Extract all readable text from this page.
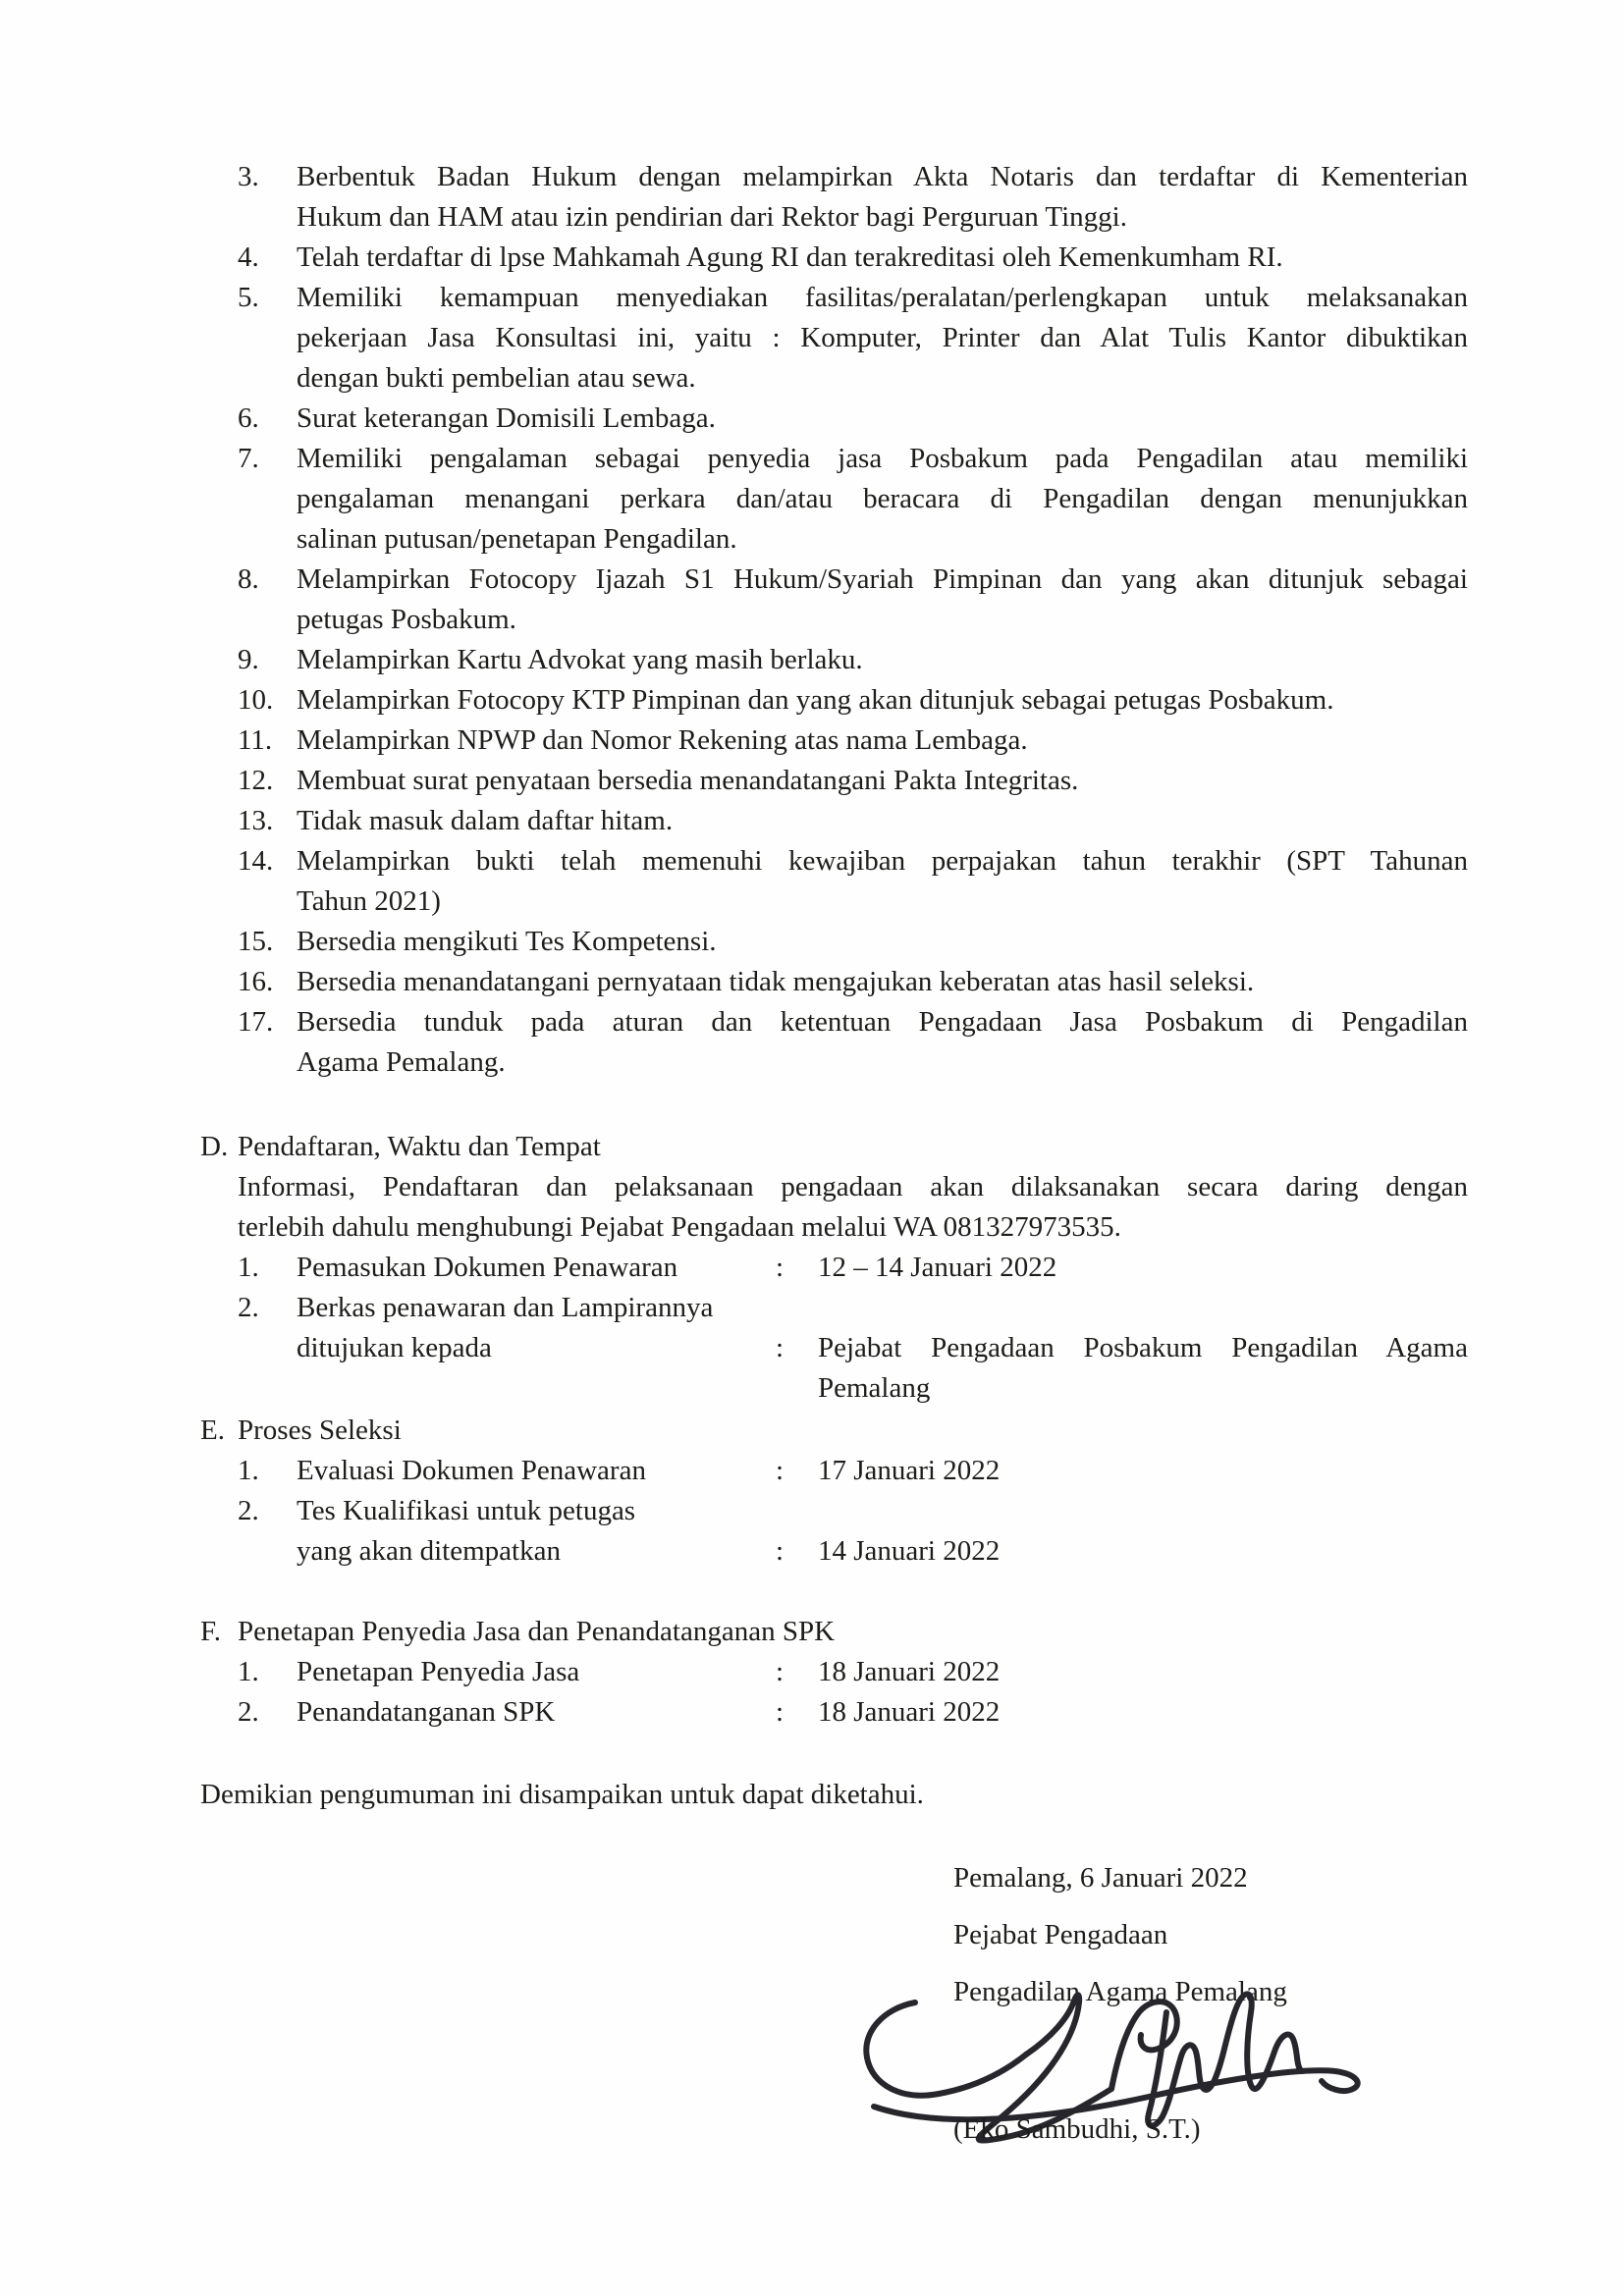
3.	Berbentuk Badan Hukum dengan melampirkan Akta Notaris dan terdaftar di Kementerian
Hukum dan HAM atau izin pendirian dari Rektor bagi Perguruan Tinggi.
4.	Telah terdaftar di lpse Mahkamah Agung RI dan terakreditasi oleh Kemenkumham RI.
5.	Memiliki kemampuan menyediakan fasilitas/peralatan/perlengkapan untuk melaksanakan
pekerjaan Jasa Konsultasi ini, yaitu : Komputer, Printer dan Alat Tulis Kantor dibuktikan
dengan bukti pembelian atau sewa.
6.	Surat keterangan Domisili Lembaga.
7.	Memiliki pengalaman sebagai penyedia jasa Posbakum pada Pengadilan atau memiliki
pengalaman menangani perkara dan/atau beracara di Pengadilan dengan menunjukkan
salinan putusan/penetapan Pengadilan.
8.	Melampirkan Fotocopy Ijazah S1 Hukum/Syariah Pimpinan dan yang akan ditunjuk sebagai
petugas Posbakum.
9.	Melampirkan Kartu Advokat yang masih berlaku.
10. Melampirkan Fotocopy KTP Pimpinan dan yang akan ditunjuk sebagai petugas Posbakum.
11. Melampirkan NPWP dan Nomor Rekening atas nama Lembaga.
12. Membuat surat penyataan bersedia menandatangani Pakta Integritas.
13. Tidak masuk dalam daftar hitam.
14. Melampirkan bukti telah memenuhi kewajiban perpajakan tahun terakhir (SPT Tahunan
Tahun 2021)
15. Bersedia mengikuti Tes Kompetensi.
16. Bersedia menandatangani pernyataan tidak mengajukan keberatan atas hasil seleksi.
17. Bersedia tunduk pada aturan dan ketentuan Pengadaan Jasa Posbakum di Pengadilan
Agama Pemalang.
D. Pendaftaran, Waktu dan Tempat
Informasi, Pendaftaran dan pelaksanaan pengadaan akan dilaksanakan secara daring dengan
terlebih dahulu menghubungi Pejabat Pengadaan melalui WA 081327973535.
1.	Pemasukan Dokumen Penawaran	:	12 – 14 Januari 2022
2.	Berkas penawaran dan Lampirannya
ditujukan kepada	:	Pejabat Pengadaan Posbakum Pengadilan Agama
Pemalang
E. Proses Seleksi
1.	Evaluasi Dokumen Penawaran	:	17 Januari 2022
2.	Tes Kualifikasi untuk petugas
yang akan ditempatkan	:	14 Januari 2022
F. Penetapan Penyedia Jasa dan Penandatanganan SPK
1.	Penetapan Penyedia Jasa	:	18 Januari 2022
2.	Penandatanganan SPK	:	18 Januari 2022

Demikian pengumuman ini disampaikan untuk dapat diketahui.

Pemalang, 6 Januari 2022
Pejabat Pengadaan
Pengadilan Agama Pemalang
(Eko Sambudhi, S.T.)
